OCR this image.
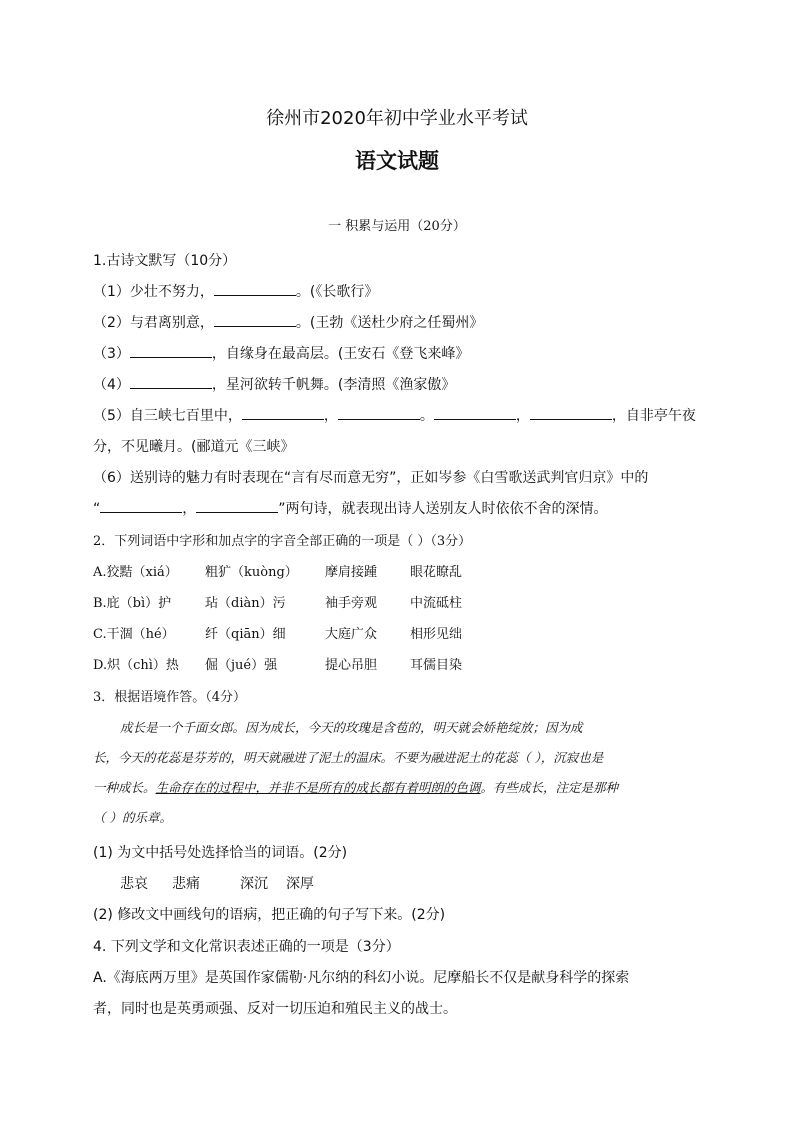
徐州市2020年初中学业水平考试
语文试题
一 积累与运用（20分）
1.古诗文默写（10分）
（1）少壮不努力，	。(《长歌行》
（2）与君离别意，	。(王勃《送杜少府之任蜀州》
（3）	，自缘身在最高层。(王安石《登飞来峰》
（4）	，星河欲转千帆舞。(李清照《渔家傲》
（5）自三峡七百里中，	，	。	，	，自非亭午夜
分，不见曦月。(郦道元《三峡》
（6）送别诗的魅力有时表现在“言有尽而意无穷”，正如岑参《白雪歌送武判官归京》中的
“	，	”两句诗，就表现出诗人送别友人时依依不舍的深情。
2．下列词语中字形和加点字的字音全部正确的一项是（ ）（3分）
A.狡黠（xiá） 粗犷（kuòng） 摩肩接踵	眼花瞭乱
B.庇（bì）护	玷（diàn）污	袖手旁观	中流砥柱
C.干涸（hé） 纤（qiān）细	大庭广众	相形见绌
D.炽（chì）热 倔（jué）强	提心吊胆	耳儒目染
3．根据语境作答。（4分）
成长是一个千面女郎。因为成长，今天的玫瑰是含苞的，明天就会娇艳绽放；因为成
长，今天的花蕊是芬芳的，明天就融进了泥土的温床。不要为融进泥土的花蕊（ ），沉寂也是
一种成长。生命存在的过程中，并非不是所有的成长都有着明朗的色调。有些成长，注定是那种
（ ）的乐章。
(1) 为文中括号处选择恰当的词语。(2分)
悲哀 悲痛	深沉 深厚
(2) 修改文中画线句的语病，把正确的句子写下来。(2分)
4. 下列文学和文化常识表述正确的一项是（3分）
A.《海底两万里》是英国作家儒勒·凡尔纳的科幻小说。尼摩船长不仅是献身科学的探索
者，同时也是英勇顽强、反对一切压迫和殖民主义的战士。
